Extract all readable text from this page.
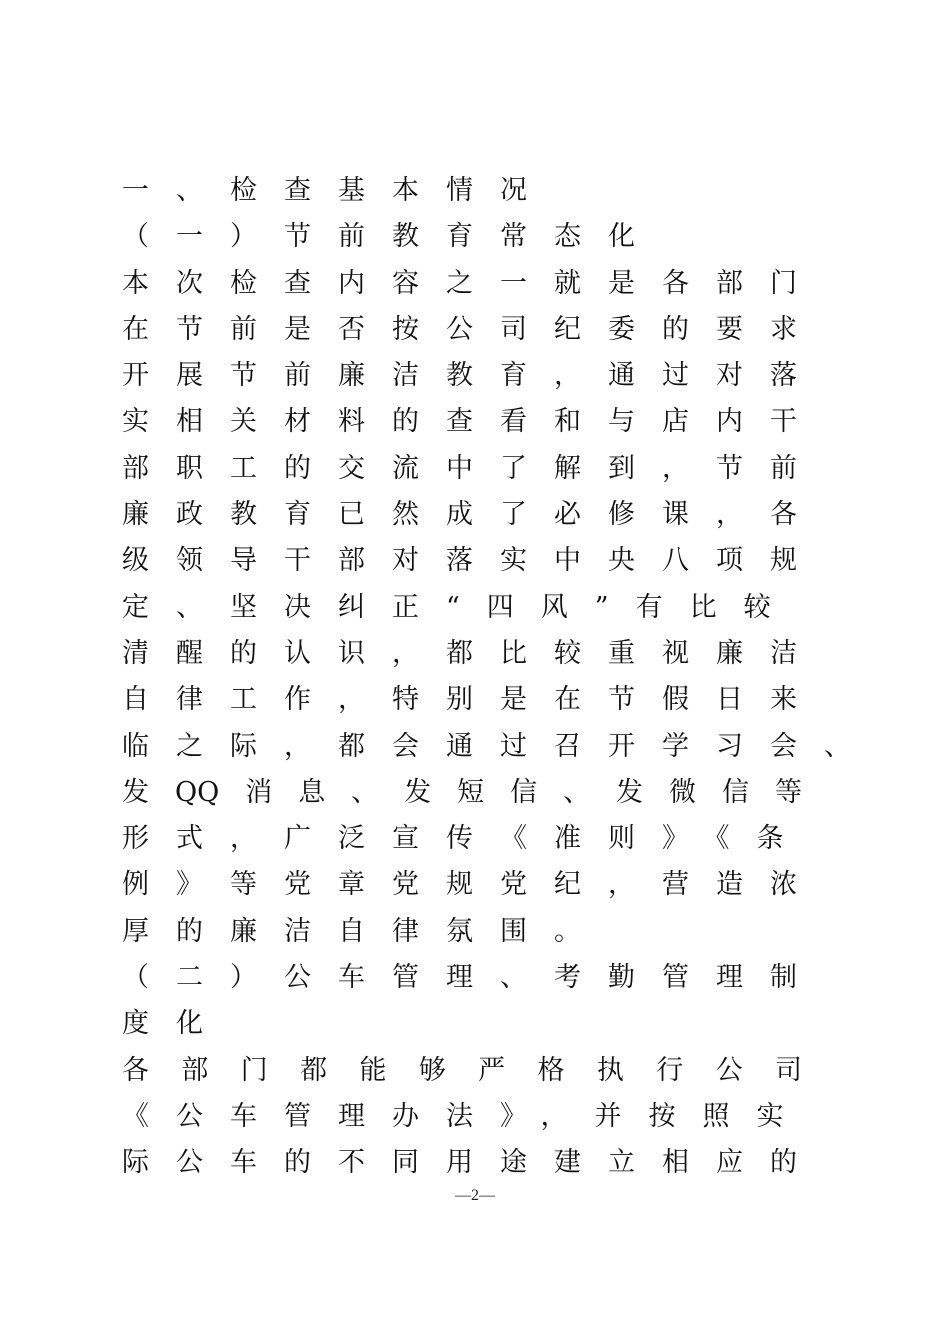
一、检查基本情况
（一）节前教育常态化
本次检查内容之一就是各部门
在节前是否按公司纪委的要求
开展节前廉洁教育，通过对落
实相关材料的查看和与店内干
部职工的交流中了解到，节前
廉政教育已然成了必修课，各
级领导干部对落实中央八项规
定、坚决纠正“四风”有比较
清醒的认识，都比较重视廉洁
自律工作，特别是在节假日来
临之际，都会通过召开学习会、
发QQ消息、发短信、发微信等
形式，广泛宣传《准则》《条
例》等党章党规党纪，营造浓
厚的廉洁自律氛围。
（二）公车管理、考勤管理制
度化
各部门都能够严格执行公司
《公车管理办法》，并按照实
际公车的不同用途建立相应的
—2—
